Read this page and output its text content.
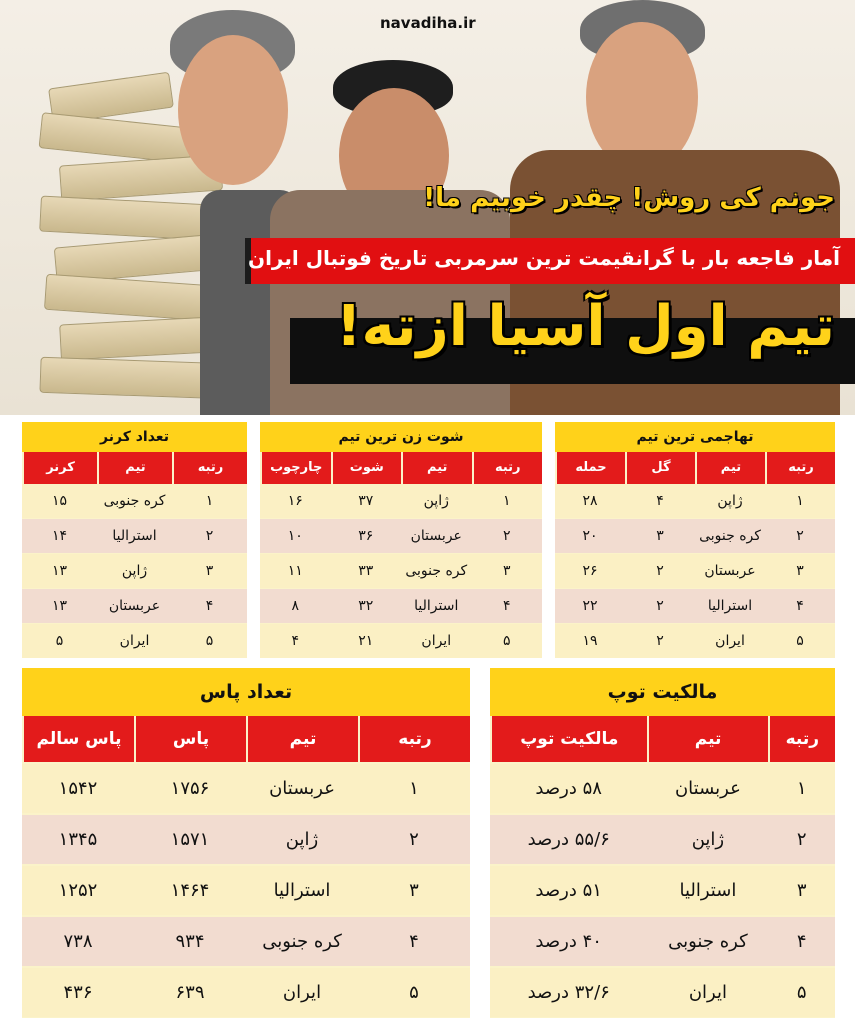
navadiha.ir
جونم کی روش! چقدر خوبیم ما!
آمار فاجعه بار با گرانقیمت ترین سرمربی تاریخ فوتبال ایران
تیم اول آسیا ازته!
تهاجمی ترین تیم
رتبه
تیم
گل
حمله
۱
ژاپن
۴
۲۸
۲
کره جنوبی
۳
۲۰
۳
عربستان
۲
۲۶
۴
استرالیا
۲
۲۲
۵
ایران
۲
۱۹
شوت زن ترین تیم
رتبه
تیم
شوت
چارچوب
۱
ژاپن
۳۷
۱۶
۲
عربستان
۳۶
۱۰
۳
کره جنوبی
۳۳
۱۱
۴
استرالیا
۳۲
۸
۵
ایران
۲۱
۴
تعداد کرنر
رتبه
تیم
کرنر
۱
کره جنوبی
۱۵
۲
استرالیا
۱۴
۳
ژاپن
۱۳
۴
عربستان
۱۳
۵
ایران
۵
مالکیت توپ
رتبه
تیم
مالکیت توپ
۱
عربستان
۵۸ درصد
۲
ژاپن
۵۵/۶ درصد
۳
استرالیا
۵۱ درصد
۴
کره جنوبی
۴۰ درصد
۵
ایران
۳۲/۶ درصد
تعداد پاس
رتبه
تیم
پاس
پاس سالم
۱
عربستان
۱۷۵۶
۱۵۴۲
۲
ژاپن
۱۵۷۱
۱۳۴۵
۳
استرالیا
۱۴۶۴
۱۲۵۲
۴
کره جنوبی
۹۳۴
۷۳۸
۵
ایران
۶۳۹
۴۳۶
